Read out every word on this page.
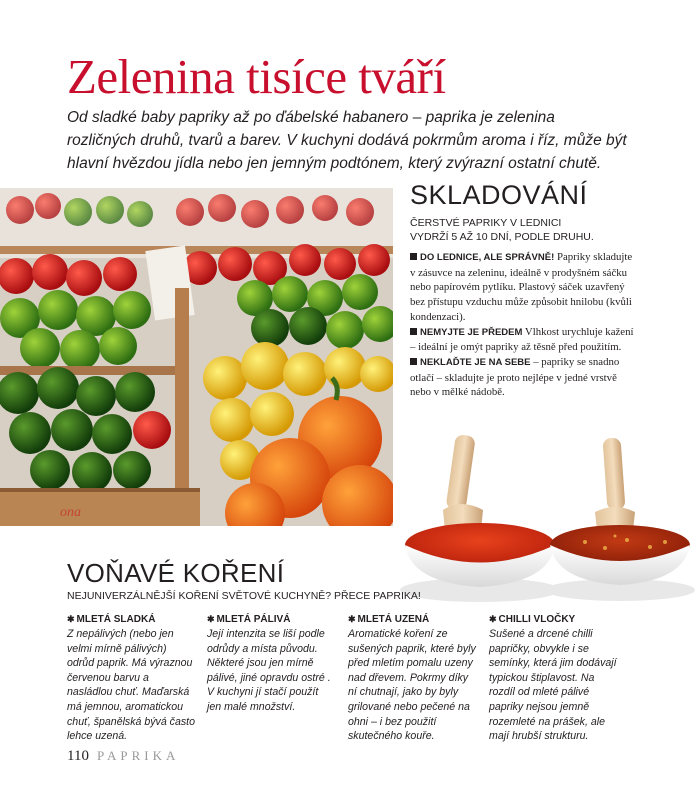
Zelenina tisíce tváří

Od sladké baby papriky až po ďábelské habanero – paprika je zelenina rozličných druhů, tvarů a barev. V kuchyni dodává pokrmům aroma i říz, může být hlavní hvězdou jídla nebo jen jemným podtónem, který zvýrazní ostatní chutě.

ona
SKLADOVÁNÍ

ČERSTVÉ PAPRIKY V LEDNICI VYDRŽÍ 5 AŽ 10 DNÍ, PODLE DRUHU.

DO LEDNICE, ALE SPRÁVNĚ! Papriky skladujte v zásuvce na zeleninu, ideálně v prodyšném sáčku nebo papírovém pytlíku. Plastový sáček uzavřený bez přístupu vzduchu může způsobit hnilobu (kvůli kondenzaci).

NEMYJTE JE PŘEDEM Vlhkost urychluje kažení – ideální je omýt papriky až těsně před použitím.

NEKLAĎTE JE NA SEBE – papriky se snadno otlačí – skladujte je proto nejlépe v jedné vrstvě nebo v mělké nádobě.

VOŇAVÉ KOŘENÍ

NEJUNIVERZÁLNĚJŠÍ KOŘENÍ SVĚTOVÉ KUCHYNĚ? PŘECE PAPRIKA!

✱ MLETÁ SLADKÁ

Z nepálivých (nebo jen velmi mírně pálivých) odrůd paprik. Má výraznou červenou barvu a nasládlou chuť. Maďarská má jemnou, aromatickou chuť, španělská bývá často lehce uzená.

✱ MLETÁ PÁLIVÁ

Její intenzita se liší podle odrůdy a místa původu. Některé jsou jen mírně pálivé, jiné opravdu ostré . V kuchyni jí stačí použít jen malé množství.

✱ MLETÁ UZENÁ

Aromatické koření ze sušených paprik, které byly před mletím pomalu uzeny nad dřevem. Pokrmy díky ní chutnají, jako by byly grilované nebo pečené na ohni – i bez použití skutečného kouře.

✱ CHILLI VLOČKY

Sušené a drcené chilli papričky, obvykle i se semínky, která jim dodávají typickou štiplavost. Na rozdíl od mleté pálivé papriky nejsou jemně rozemleté na prášek, ale mají hrubší strukturu.

110 PAPRIKA
